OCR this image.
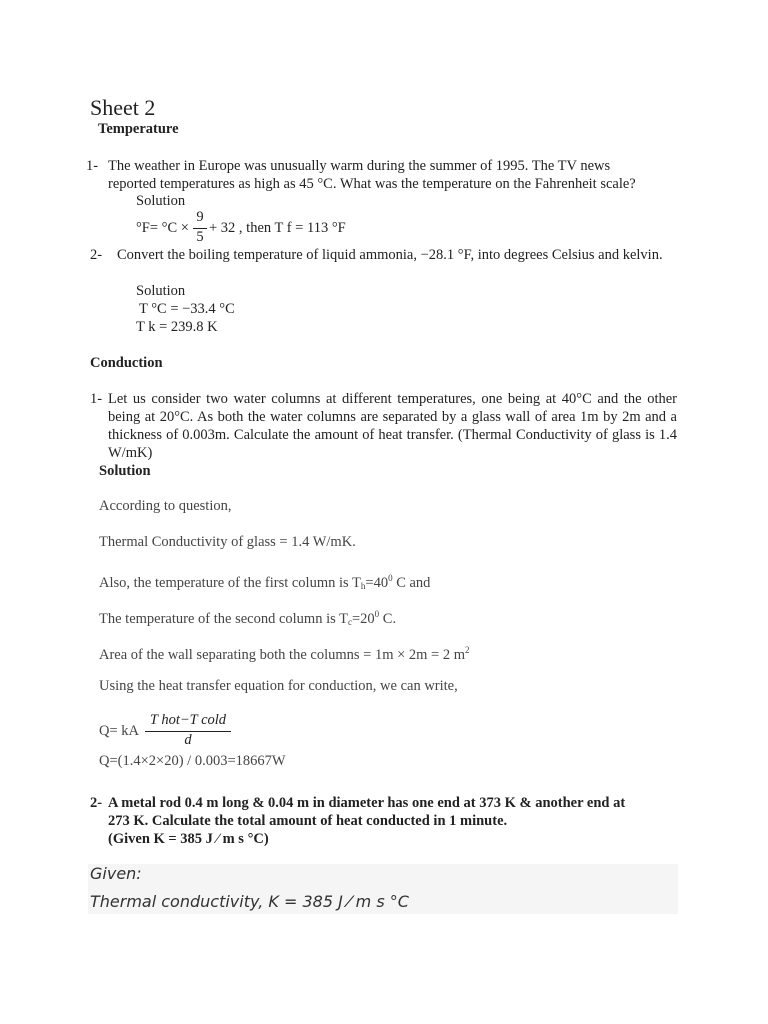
Sheet 2
Temperature
1- The weather in Europe was unusually warm during the summer of 1995. The TV news
reported temperatures as high as 45 °C. What was the temperature on the Fahrenheit scale?
Solution
°F= °C ×
9
5
+ 32 , then T f = 113 °F
2- Convert the boiling temperature of liquid ammonia, −28.1 °F, into degrees Celsius and kelvin.
Solution
T °C = −33.4 °C
T k = 239.8 K
Conduction
1- Let us consider two water columns at different temperatures, one being at 40°C and the other being at 20°C. As both the water columns are separated by a glass wall of area 1m by 2m and a thickness of 0.003m. Calculate the amount of heat transfer. (Thermal Conductivity of glass is 1.4 W/mK)
Solution
According to question,
Thermal Conductivity of glass = 1.4 W/mK.
Also, the temperature of the first column is $T_h=40^0$ C and
The temperature of the second column is $T_c=20^0$ C.
Area of the wall separating both the columns = 1m × 2m = 2 $m^2$
Using the heat transfer equation for conduction, we can write,
Q= kA
T hot−T cold
d
Q=(1.4×2×20) / 0.003=18667W
2- A metal rod 0.4 m long & 0.04 m in diameter has one end at 373 K & another end at
273 K. Calculate the total amount of heat conducted in 1 minute.
(Given K = 385 J ⁄ m s °C)
Given:
Thermal conductivity, K = 385 J ⁄ m s °C
